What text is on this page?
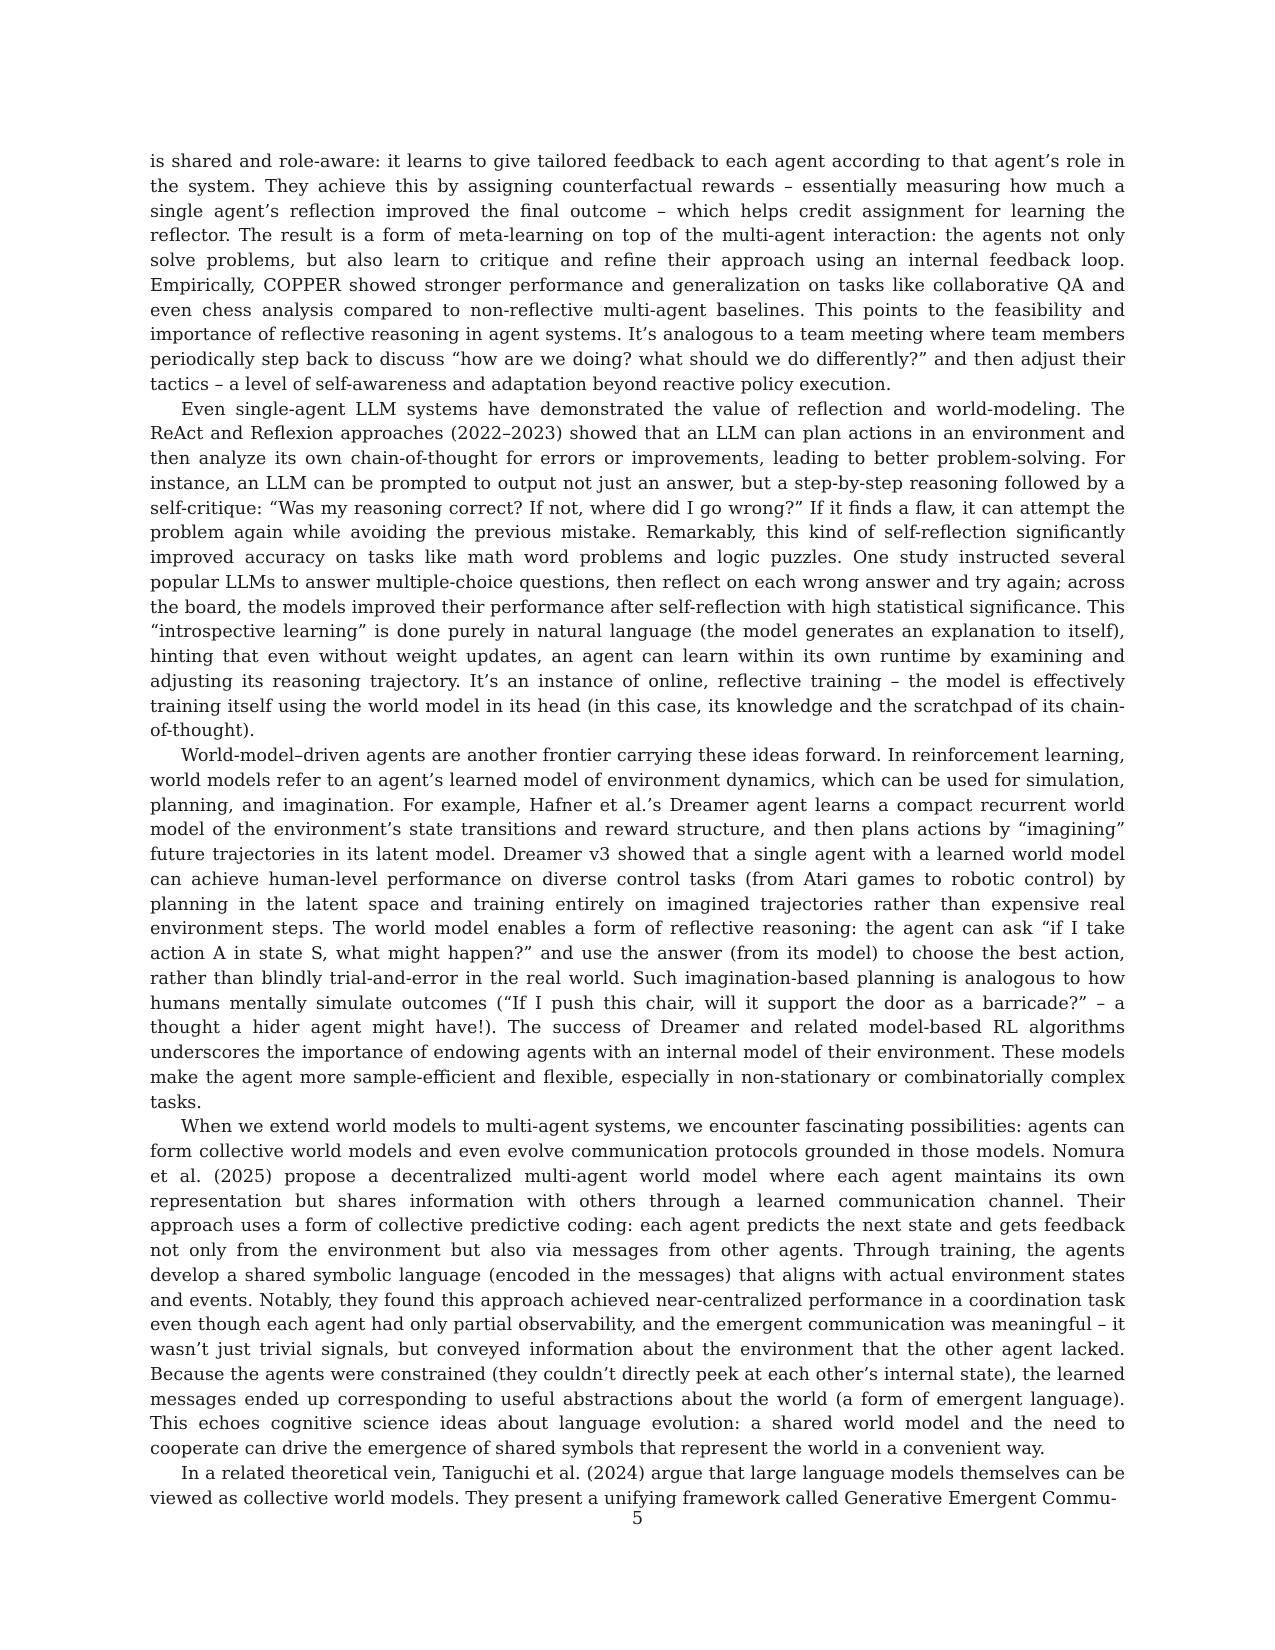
is shared and role-aware: it learns to give tailored feedback to each agent according to that agent’s role in the system. They achieve this by assigning counterfactual rewards – essentially measuring how much a single agent’s reflection improved the final outcome – which helps credit assignment for learning the reflector. The result is a form of meta-learning on top of the multi-agent interaction: the agents not only solve problems, but also learn to critique and refine their approach using an internal feedback loop. Empirically, COPPER showed stronger performance and generalization on tasks like collaborative QA and even chess analysis compared to non-reflective multi-agent baselines. This points to the feasibility and importance of reflective reasoning in agent systems. It’s analogous to a team meeting where team members periodically step back to discuss “how are we doing? what should we do differently?” and then adjust their tactics – a level of self-awareness and adaptation beyond reactive policy execution.

Even single-agent LLM systems have demonstrated the value of reflection and world-modeling. The ReAct and Reflexion approaches (2022–2023) showed that an LLM can plan actions in an environment and then analyze its own chain-of-thought for errors or improvements, leading to better problem-solving. For instance, an LLM can be prompted to output not just an answer, but a step-by-step reasoning followed by a self-critique: “Was my reasoning correct? If not, where did I go wrong?” If it finds a flaw, it can attempt the problem again while avoiding the previous mistake. Remarkably, this kind of self-reflection significantly improved accuracy on tasks like math word problems and logic puzzles. One study instructed several popular LLMs to answer multiple-choice questions, then reflect on each wrong answer and try again; across the board, the models improved their performance after self-reflection with high statistical significance. This “introspective learning” is done purely in natural language (the model generates an explanation to itself), hinting that even without weight updates, an agent can learn within its own runtime by examining and adjusting its reasoning trajectory. It’s an instance of online, reflective training – the model is effectively training itself using the world model in its head (in this case, its knowledge and the scratchpad of its chain-of-thought).

World-model–driven agents are another frontier carrying these ideas forward. In reinforcement learning, world models refer to an agent’s learned model of environment dynamics, which can be used for simulation, planning, and imagination. For example, Hafner et al.’s Dreamer agent learns a compact recurrent world model of the environment’s state transitions and reward structure, and then plans actions by “imagining” future trajectories in its latent model. Dreamer v3 showed that a single agent with a learned world model can achieve human-level performance on diverse control tasks (from Atari games to robotic control) by planning in the latent space and training entirely on imagined trajectories rather than expensive real environment steps. The world model enables a form of reflective reasoning: the agent can ask “if I take action A in state S, what might happen?” and use the answer (from its model) to choose the best action, rather than blindly trial-and-error in the real world. Such imagination-based planning is analogous to how humans mentally simulate outcomes (“If I push this chair, will it support the door as a barricade?” – a thought a hider agent might have!). The success of Dreamer and related model-based RL algorithms underscores the importance of endowing agents with an internal model of their environment. These models make the agent more sample-efficient and flexible, especially in non-stationary or combinatorially complex tasks.

When we extend world models to multi-agent systems, we encounter fascinating possibilities: agents can form collective world models and even evolve communication protocols grounded in those models. Nomura et al. (2025) propose a decentralized multi-agent world model where each agent maintains its own representation but shares information with others through a learned communication channel. Their approach uses a form of collective predictive coding: each agent predicts the next state and gets feedback not only from the environment but also via messages from other agents. Through training, the agents develop a shared symbolic language (encoded in the messages) that aligns with actual environment states and events. Notably, they found this approach achieved near-centralized performance in a coordination task even though each agent had only partial observability, and the emergent communication was meaningful – it wasn’t just trivial signals, but conveyed information about the environment that the other agent lacked. Because the agents were constrained (they couldn’t directly peek at each other’s internal state), the learned messages ended up corresponding to useful abstractions about the world (a form of emergent language). This echoes cognitive science ideas about language evolution: a shared world model and the need to cooperate can drive the emergence of shared symbols that represent the world in a convenient way.

In a related theoretical vein, Taniguchi et al. (2024) argue that large language models themselves can be viewed as collective world models. They present a unifying framework called Generative Emergent Commu-

5
